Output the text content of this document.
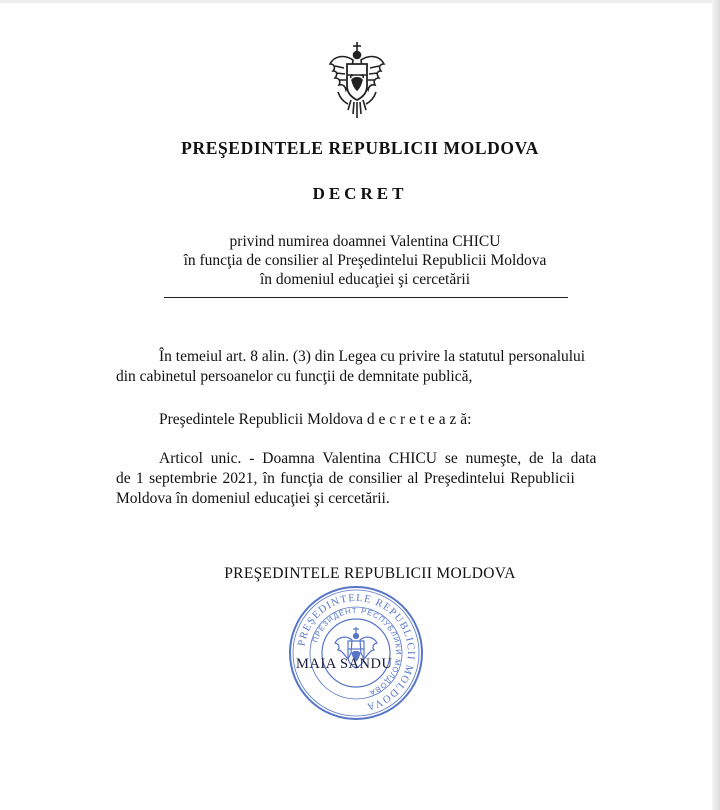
PREŞEDINTELE REPUBLICII MOLDOVA
DECRET
privind numirea doamnei Valentina CHICU
în funcţia de consilier al Preşedintelui Republicii Moldova
în domeniul educaţiei şi cercetării
În temeiul art. 8 alin. (3) din Legea cu privire la statutul personalului
din cabinetul persoanelor cu funcţii de demnitate publică,
Preşedintele Republicii Moldova d e c r e t e a z ă:
Articol unic. - Doamna Valentina CHICU se numeşte, de la data
de 1 septembrie 2021, în funcţia de consilier al Preşedintelui Republicii
Moldova în domeniul educaţiei şi cercetării.
PREŞEDINTELE REPUBLICII MOLDOVA
PREŞEDINTELE REPUBLICII MOLDOVA
ПРЕЗИДЕНТ РЕСПУБЛИКИ МОЛДОВА
MAIA SANDU
